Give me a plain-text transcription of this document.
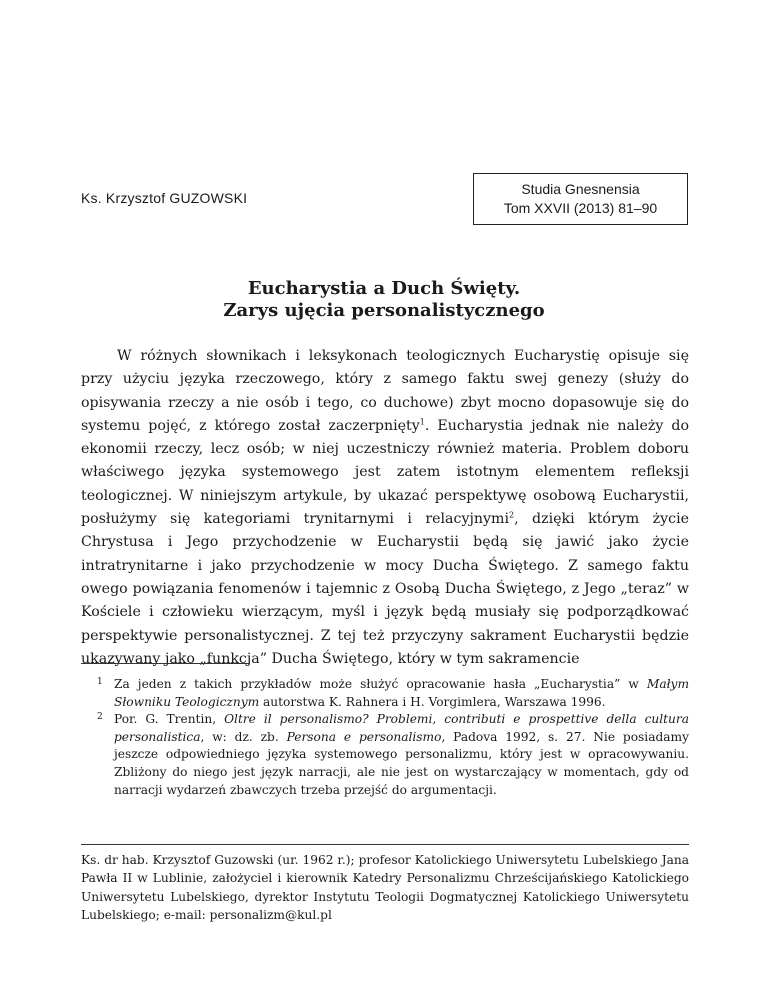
Ks. Krzysztof GUZOWSKI
Studia Gnesnensia
Tom XXVII (2013) 81–90
Eucharystia a Duch Święty.
Zarys ujęcia personalistycznego

W różnych słownikach i leksykonach teologicznych Eucharystię opisuje się przy użyciu języka rzeczowego, który z samego faktu swej genezy (służy do opisywania rzeczy a nie osób i tego, co duchowe) zbyt mocno dopasowuje się do systemu pojęć, z którego został zaczerpnięty$^1$. Eucharystia jednak nie należy do ekonomii rzeczy, lecz osób; w niej uczestniczy również materia. Problem doboru właściwego języka systemowego jest zatem istotnym elementem refleksji teologicznej. W niniejszym artykule, by ukazać perspektywę osobową Eucharystii, posłużymy się kategoriami trynitarnymi i relacyjnymi$^2$, dzięki którym życie Chrystusa i Jego przychodzenie w Eucharystii będą się jawić jako życie intratrynitarne i jako przychodzenie w mocy Ducha Świętego. Z samego faktu owego powiązania fenomenów i tajemnic z Osobą Ducha Świętego, z Jego „teraz” w Kościele i człowieku wierzącym, myśl i język będą musiały się podporządkować perspektywie personalistycznej. Z tej też przyczyny sakrament Eucharystii będzie ukazywany jako „funkcja” Ducha Świętego, który w tym sakramencie

1 Za jeden z takich przykładów może służyć opracowanie hasła „Eucharystia” w Małym Słowniku Teologicznym autorstwa K. Rahnera i H. Vorgimlera, Warszawa 1996.
2 Por. G. Trentin, Oltre il personalismo? Problemi, contributi e prospettive della cultura personalistica, w: dz. zb. Persona e personalismo, Padova 1992, s. 27. Nie posiadamy jeszcze odpowiedniego języka systemowego personalizmu, który jest w opracowywaniu. Zbliżony do niego jest język narracji, ale nie jest on wystarczający w momentach, gdy od narracji wydarzeń zbawczych trzeba przejść do argumentacji.
Ks. dr hab. Krzysztof Guzowski (ur. 1962 r.); profesor Katolickiego Uniwersytetu Lubelskiego Jana Pawła II w Lublinie, założyciel i kierownik Katedry Personalizmu Chrześcijańskiego Katolickiego Uniwersytetu Lubelskiego, dyrektor Instytutu Teologii Dogmatycznej Katolickiego Uniwersytetu Lubelskiego; e-mail: personalizm@kul.pl
